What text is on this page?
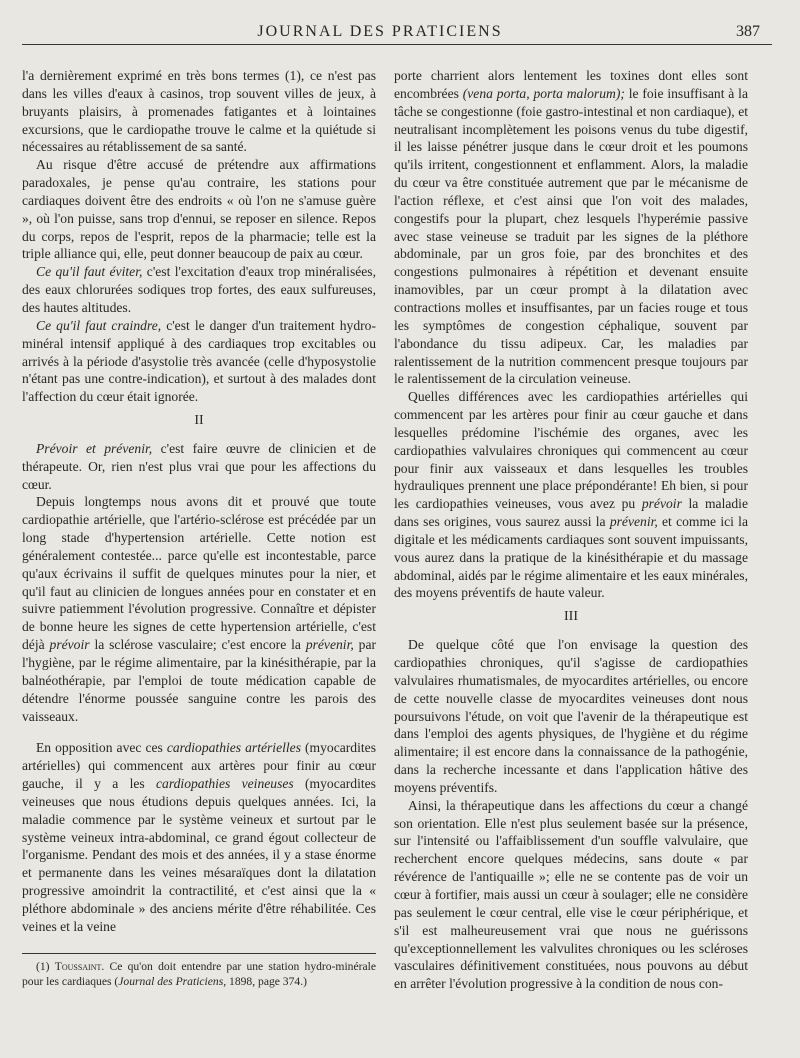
JOURNAL DES PRATICIENS	387

l'a dernièrement exprimé en très bons termes (1), ce n'est pas dans les villes d'eaux à casinos, trop souvent villes de jeux, à bruyants plaisirs, à promenades fatigantes et à lointaines excursions, que le cardiopathe trouve le calme et la quiétude si nécessaires au rétablissement de sa santé.

Au risque d'être accusé de prétendre aux affirmations paradoxales, je pense qu'au contraire, les stations pour cardiaques doivent être des endroits « où l'on ne s'amuse guère », où l'on puisse, sans trop d'ennui, se reposer en silence. Repos du corps, repos de l'esprit, repos de la pharmacie; telle est la triple alliance qui, elle, peut donner beaucoup de paix au cœur.

Ce qu'il faut éviter, c'est l'excitation d'eaux trop minéralisées, des eaux chlorurées sodiques trop fortes, des eaux sulfureuses, des hautes altitudes.

Ce qu'il faut craindre, c'est le danger d'un traitement hydro-minéral intensif appliqué à des cardiaques trop excitables ou arrivés à la période d'asystolie très avancée (celle d'hyposystolie n'étant pas une contre-indication), et surtout à des malades dont l'affection du cœur était ignorée.

II

Prévoir et prévenir, c'est faire œuvre de clinicien et de thérapeute. Or, rien n'est plus vrai que pour les affections du cœur.

Depuis longtemps nous avons dit et prouvé que toute cardiopathie artérielle, que l'artério-sclérose est précédée par un long stade d'hypertension artérielle. Cette notion est généralement contestée... parce qu'elle est incontestable, parce qu'aux écrivains il suffit de quelques minutes pour la nier, et qu'il faut au clinicien de longues années pour en constater et en suivre patiemment l'évolution progressive. Connaître et dépister de bonne heure les signes de cette hypertension artérielle, c'est déjà prévoir la sclérose vasculaire; c'est encore la prévenir, par l'hygiène, par le régime alimentaire, par la kinésithérapie, par la balnéothérapie, par l'emploi de toute médication capable de détendre l'énorme poussée sanguine contre les parois des vaisseaux.

En opposition avec ces cardiopathies artérielles (myocardites artérielles) qui commencent aux artères pour finir au cœur gauche, il y a les cardiopathies veineuses (myocardites veineuses que nous étudions depuis quelques années. Ici, la maladie commence par le système veineux et surtout par le système veineux intra-abdominal, ce grand égout collecteur de l'organisme. Pendant des mois et des années, il y a stase énorme et permanente dans les veines mésaraïques dont la dilatation progressive amoindrit la contractilité, et c'est ainsi que la « pléthore abdominale » des anciens mérite d'être réhabilitée. Ces veines et la veine

(1) Toussaint. Ce qu'on doit entendre par une station hydro-minérale pour les cardiaques (Journal des Praticiens, 1898, page 374.)

porte charrient alors lentement les toxines dont elles sont encombrées (vena porta, porta malorum); le foie insuffisant à la tâche se congestionne (foie gastro-intestinal et non cardiaque), et neutralisant incomplètement les poisons venus du tube digestif, il les laisse pénétrer jusque dans le cœur droit et les poumons qu'ils irritent, congestionnent et enflamment. Alors, la maladie du cœur va être constituée autrement que par le mécanisme de l'action réflexe, et c'est ainsi que l'on voit des malades, congestifs pour la plupart, chez lesquels l'hyperémie passive avec stase veineuse se traduit par les signes de la pléthore abdominale, par un gros foie, par des bronchites et des congestions pulmonaires à répétition et devenant ensuite inamovibles, par un cœur prompt à la dilatation avec contractions molles et insuffisantes, par un facies rouge et tous les symptômes de congestion céphalique, souvent par l'abondance du tissu adipeux. Car, les maladies par ralentissement de la nutrition commencent presque toujours par le ralentissement de la circulation veineuse.

Quelles différences avec les cardiopathies artérielles qui commencent par les artères pour finir au cœur gauche et dans lesquelles prédomine l'ischémie des organes, avec les cardiopathies valvulaires chroniques qui commencent au cœur pour finir aux vaisseaux et dans lesquelles les troubles hydrauliques prennent une place prépondérante! Eh bien, si pour les cardiopathies veineuses, vous avez pu prévoir la maladie dans ses origines, vous saurez aussi la prévenir, et comme ici la digitale et les médicaments cardiaques sont souvent impuissants, vous aurez dans la pratique de la kinésithérapie et du massage abdominal, aidés par le régime alimentaire et les eaux minérales, des moyens préventifs de haute valeur.

III

De quelque côté que l'on envisage la question des cardiopathies chroniques, qu'il s'agisse de cardiopathies valvulaires rhumatismales, de myocardites artérielles, ou encore de cette nouvelle classe de myocardites veineuses dont nous poursuivons l'étude, on voit que l'avenir de la thérapeutique est dans l'emploi des agents physiques, de l'hygiène et du régime alimentaire; il est encore dans la connaissance de la pathogénie, dans la recherche incessante et dans l'application hâtive des moyens préventifs.

Ainsi, la thérapeutique dans les affections du cœur a changé son orientation. Elle n'est plus seulement basée sur la présence, sur l'intensité ou l'affaiblissement d'un souffle valvulaire, que recherchent encore quelques médecins, sans doute « par révérence de l'antiquaille »; elle ne se contente pas de voir un cœur à fortifier, mais aussi un cœur à soulager; elle ne considère pas seulement le cœur central, elle vise le cœur périphérique, et s'il est malheureusement vrai que nous ne guérissons qu'exceptionnellement les valvulites chroniques ou les scléroses vasculaires définitivement constituées, nous pouvons au début en arrêter l'évolution progressive à la condition de nous con-
